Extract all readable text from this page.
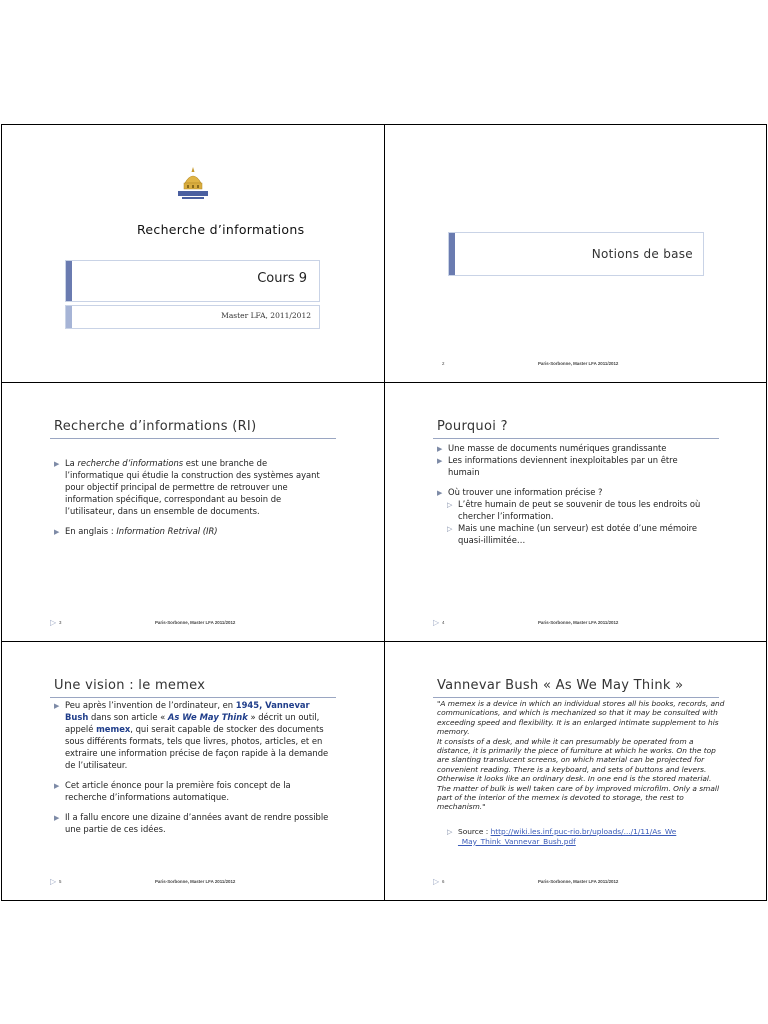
Recherche d’informations
Cours 9
Master LFA, 2011/2012
Notions de base
2	Paris-Sorbonne, Master LFA 2011/2012
Recherche d’informations (RI)
▶ La recherche d’informations est une branche de l’informatique qui étudie la construction des systèmes ayant pour objectif principal de permettre de retrouver une information spécifique, correspondant au besoin de l’utilisateur, dans un ensemble de documents.
▶ En anglais : Information Retrival (IR)
▷ 3	Paris-Sorbonne, Master LFA 2011/2012
Pourquoi ?
▶ Une masse de documents numériques grandissante
▶ Les informations deviennent inexploitables par un être humain
▶ Où trouver une information précise ?
▷ L’être humain de peut se souvenir de tous les endroits où chercher l’information.
▷ Mais une machine (un serveur) est dotée d’une mémoire quasi-illimitée…
▷ 4	Paris-Sorbonne, Master LFA 2011/2012
Une vision : le memex
▶ Peu après l’invention de l’ordinateur, en 1945, Vannevar Bush dans son article « As We May Think » décrit un outil, appelé memex, qui serait capable de stocker des documents sous différents formats, tels que livres, photos, articles, et en extraire une information précise de façon rapide à la demande de l’utilisateur.
▶ Cet article énonce pour la première fois concept de la recherche d’informations automatique.
▶ Il a fallu encore une dizaine d’années avant de rendre possible une partie de ces idées.
▷ 5	Paris-Sorbonne, Master LFA 2011/2012
Vannevar Bush « As We May Think »
"A memex is a device in which an individual stores all his books, records, and communications, and which is mechanized so that it may be consulted with exceeding speed and flexibility. It is an enlarged intimate supplement to his memory.
It consists of a desk, and while it can presumably be operated from a distance, it is primarily the piece of furniture at which he works. On the top are slanting translucent screens, on which material can be projected for convenient reading. There is a keyboard, and sets of buttons and levers. Otherwise it looks like an ordinary desk. In one end is the stored material. The matter of bulk is well taken care of by improved microfilm. Only a small part of the interior of the memex is devoted to storage, the rest to mechanism."
▷ Source : http://wiki.les.inf.puc-rio.br/uploads/.../1/11/As_We_May_Think_Vannevar_Bush.pdf
▷ 6	Paris-Sorbonne, Master LFA 2011/2012
